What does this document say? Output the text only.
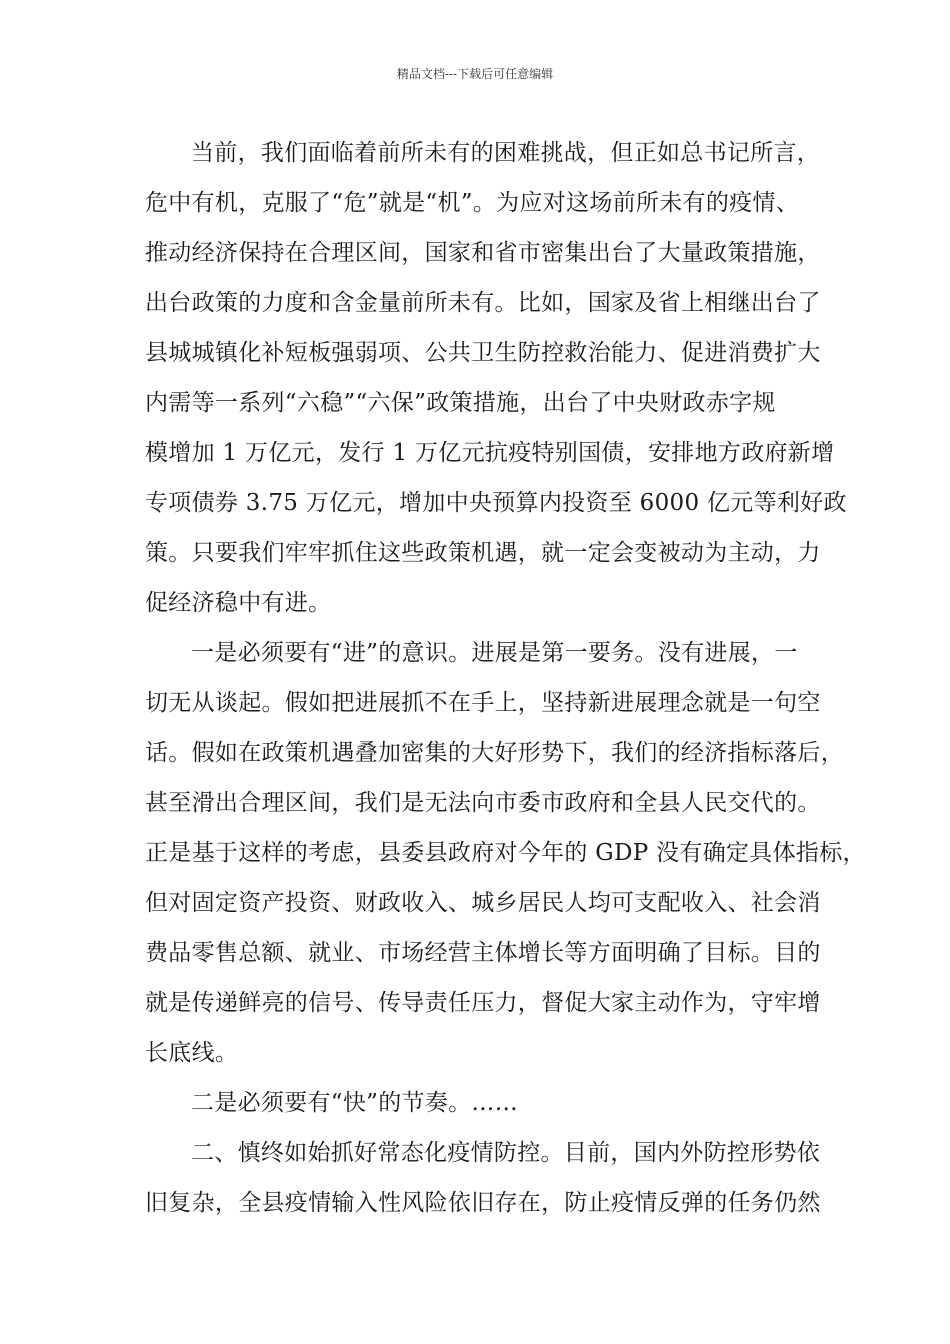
精品文档---下载后可任意编辑
当前，我们面临着前所未有的困难挑战，但正如总书记所言，
危中有机，克服了“危”就是“机”。为应对这场前所未有的疫情、
推动经济保持在合理区间，国家和省市密集出台了大量政策措施，
出台政策的力度和含金量前所未有。比如，国家及省上相继出台了
县城城镇化补短板强弱项、公共卫生防控救治能力、促进消费扩大
内需等一系列“六稳”“六保”政策措施，出台了中央财政赤字规
模增加 1 万亿元，发行 1 万亿元抗疫特别国债，安排地方政府新增
专项债券 3.75 万亿元，增加中央预算内投资至 6000 亿元等利好政
策。只要我们牢牢抓住这些政策机遇，就一定会变被动为主动，力
促经济稳中有进。
一是必须要有“进”的意识。进展是第一要务。没有进展，一
切无从谈起。假如把进展抓不在手上，坚持新进展理念就是一句空
话。假如在政策机遇叠加密集的大好形势下，我们的经济指标落后，
甚至滑出合理区间，我们是无法向市委市政府和全县人民交代的。
正是基于这样的考虑，县委县政府对今年的 GDP 没有确定具体指标，
但对固定资产投资、财政收入、城乡居民人均可支配收入、社会消
费品零售总额、就业、市场经营主体增长等方面明确了目标。目的
就是传递鲜亮的信号、传导责任压力，督促大家主动作为，守牢增
长底线。
二是必须要有“快”的节奏。……
二、慎终如始抓好常态化疫情防控。目前，国内外防控形势依
旧复杂，全县疫情输入性风险依旧存在，防止疫情反弹的任务仍然
